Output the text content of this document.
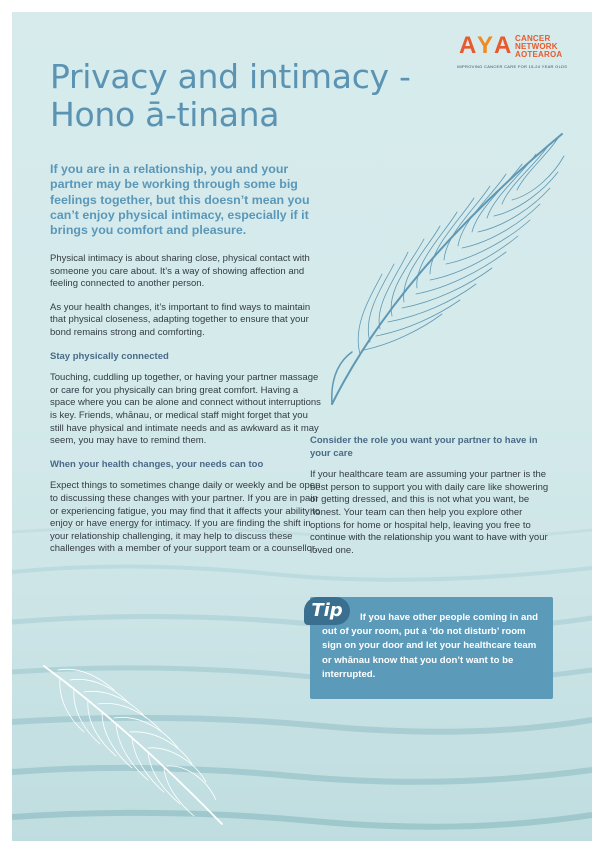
A Y A CANCER
NETWORK
AOTEAROA
IMPROVING CANCER CARE FOR 15-24 YEAR OLDS
Privacy and intimacy -
Hono ā-tinana

If you are in a relationship, you and your partner may be working through some big feelings together, but this doesn’t mean you can’t enjoy physical intimacy, especially if it brings you comfort and pleasure.

Physical intimacy is about sharing close, physical contact with someone you care about. It’s a way of showing affection and feeling connected to another person.

As your health changes, it’s important to find ways to maintain that physical closeness, adapting together to ensure that your bond remains strong and comforting.

Stay physically connected

Touching, cuddling up together, or having your partner massage or care for you physically can bring great comfort. Having a space where you can be alone and connect without interruptions is key. Friends, whānau, or medical staff might forget that you still have physical and intimate needs and as awkward as it may seem, you may have to remind them.

When your health changes, your needs can too

Expect things to sometimes change daily or weekly and be open to discussing these changes with your partner. If you are in pain or experiencing fatigue, you may find that it affects your ability to enjoy or have energy for intimacy. If you are finding the shift in your relationship challenging, it may help to discuss these challenges with a member of your support team or a counsellor.

Consider the role you want your partner to have in your care

If your healthcare team are assuming your partner is the best person to support you with daily care like showering or getting dressed, and this is not what you want, be honest. Your team can then help you explore other options for home or hospital help, leaving you free to continue with the relationship you want to have with your loved one.

Tip	If you have other people coming in and out of your room, put a ‘do not disturb’ room sign on your door and let your healthcare team or whānau know that you don’t want to be interrupted.
